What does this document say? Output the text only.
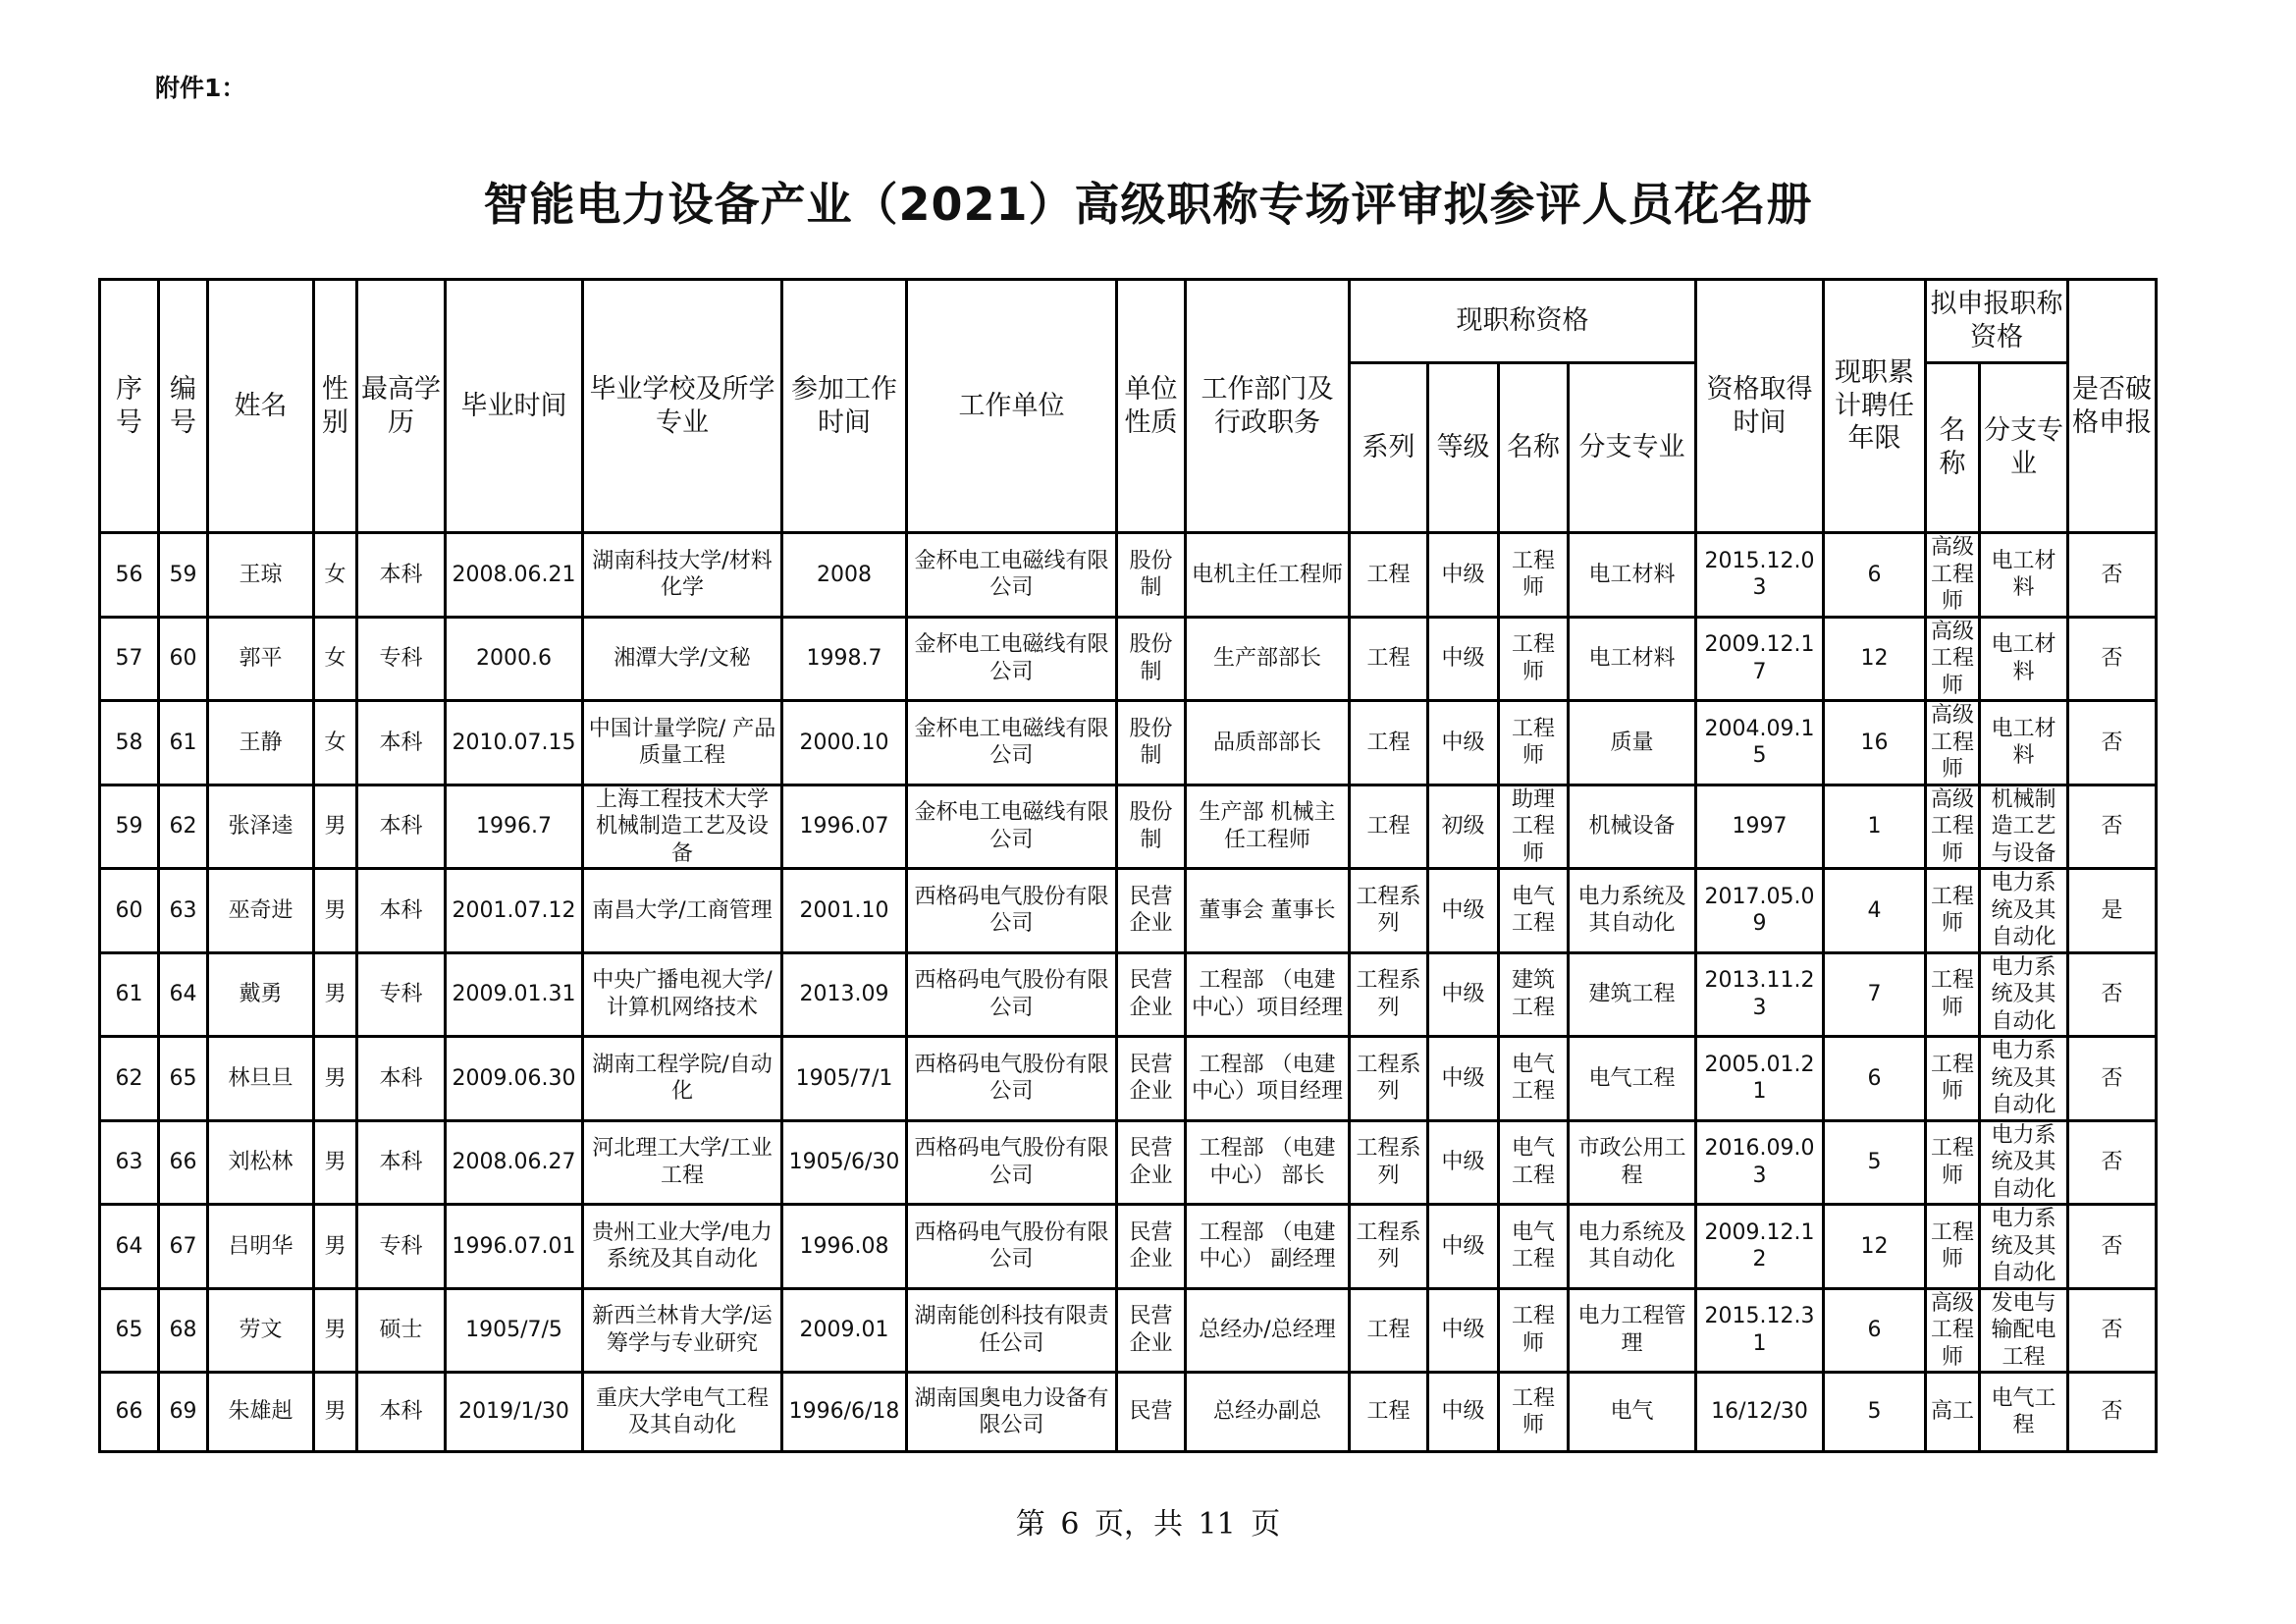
附件1：
智能电力设备产业（2021）高级职称专场评审拟参评人员花名册
序号	编号	姓名	性别	最高学历	毕业时间	毕业学校及所学专业	参加工作时间	工作单位	单位性质	工作部门及 行政职务	现职称资格				资格取得时间	现职累计聘任年限	拟申报职称资格		是否破格申报
											系列	等级	名称	分支专业			名称	分支专业	
56	59	王琼	女	本科	2008.06.21	湖南科技大学/材料化学	2008	金杯电工电磁线有限公司	股份制	电机主任工程师	工程	中级	工程师	电工材料	2015.12.03	6	高级工程师	电工材料	否
57	60	郭平	女	专科	2000.6	湘潭大学/文秘	1998.7	金杯电工电磁线有限公司	股份制	生产部部长	工程	中级	工程师	电工材料	2009.12.17	12	高级工程师	电工材料	否
58	61	王静	女	本科	2010.07.15	中国计量学院/ 产品质量工程	2000.10	金杯电工电磁线有限公司	股份制	品质部部长	工程	中级	工程师	质量	2004.09.15	16	高级工程师	电工材料	否
59	62	张泽逵	男	本科	1996.7	上海工程技术大学机械制造工艺及设备	1996.07	金杯电工电磁线有限公司	股份制	生产部 机械主任工程师	工程	初级	助理工程师	机械设备	1997	1	高级工程师	机械制造工艺与设备	否
60	63	巫奇进	男	本科	2001.07.12	南昌大学/工商管理	2001.10	西格码电气股份有限公司	民营企业	董事会 董事长	工程系列	中级	电气工程	电力系统及其自动化	2017.05.09	4	工程师	电力系统及其自动化	是
61	64	戴勇	男	专科	2009.01.31	中央广播电视大学/计算机网络技术	2013.09	西格码电气股份有限公司	民营企业	工程部 （电建中心）项目经理	工程系列	中级	建筑工程	建筑工程	2013.11.23	7	工程师	电力系统及其自动化	否
62	65	林旦旦	男	本科	2009.06.30	湖南工程学院/自动化	1905/7/1	西格码电气股份有限公司	民营企业	工程部 （电建中心）项目经理	工程系列	中级	电气工程	电气工程	2005.01.21	6	工程师	电力系统及其自动化	否
63	66	刘松林	男	本科	2008.06.27	河北理工大学/工业工程	1905/6/30	西格码电气股份有限公司	民营企业	工程部 （电建中心） 部长	工程系列	中级	电气工程	市政公用工程	2016.09.03	5	工程师	电力系统及其自动化	否
64	67	吕明华	男	专科	1996.07.01	贵州工业大学/电力系统及其自动化	1996.08	西格码电气股份有限公司	民营企业	工程部 （电建中心） 副经理	工程系列	中级	电气工程	电力系统及其自动化	2009.12.12	12	工程师	电力系统及其自动化	否
65	68	劳文	男	硕士	1905/7/5	新西兰林肯大学/运筹学与专业研究	2009.01	湖南能创科技有限责任公司	民营企业	总经办/总经理	工程	中级	工程师	电力工程管理	2015.12.31	6	高级工程师	发电与输配电工程	否
66	69	朱雄赳	男	本科	2019/1/30	重庆大学电气工程及其自动化	1996/6/18	湖南国奥电力设备有限公司	民营	总经办副总	工程	中级	工程师	电气	16/12/30	5	高工	电气工程	否
第 6 页，共 11 页
